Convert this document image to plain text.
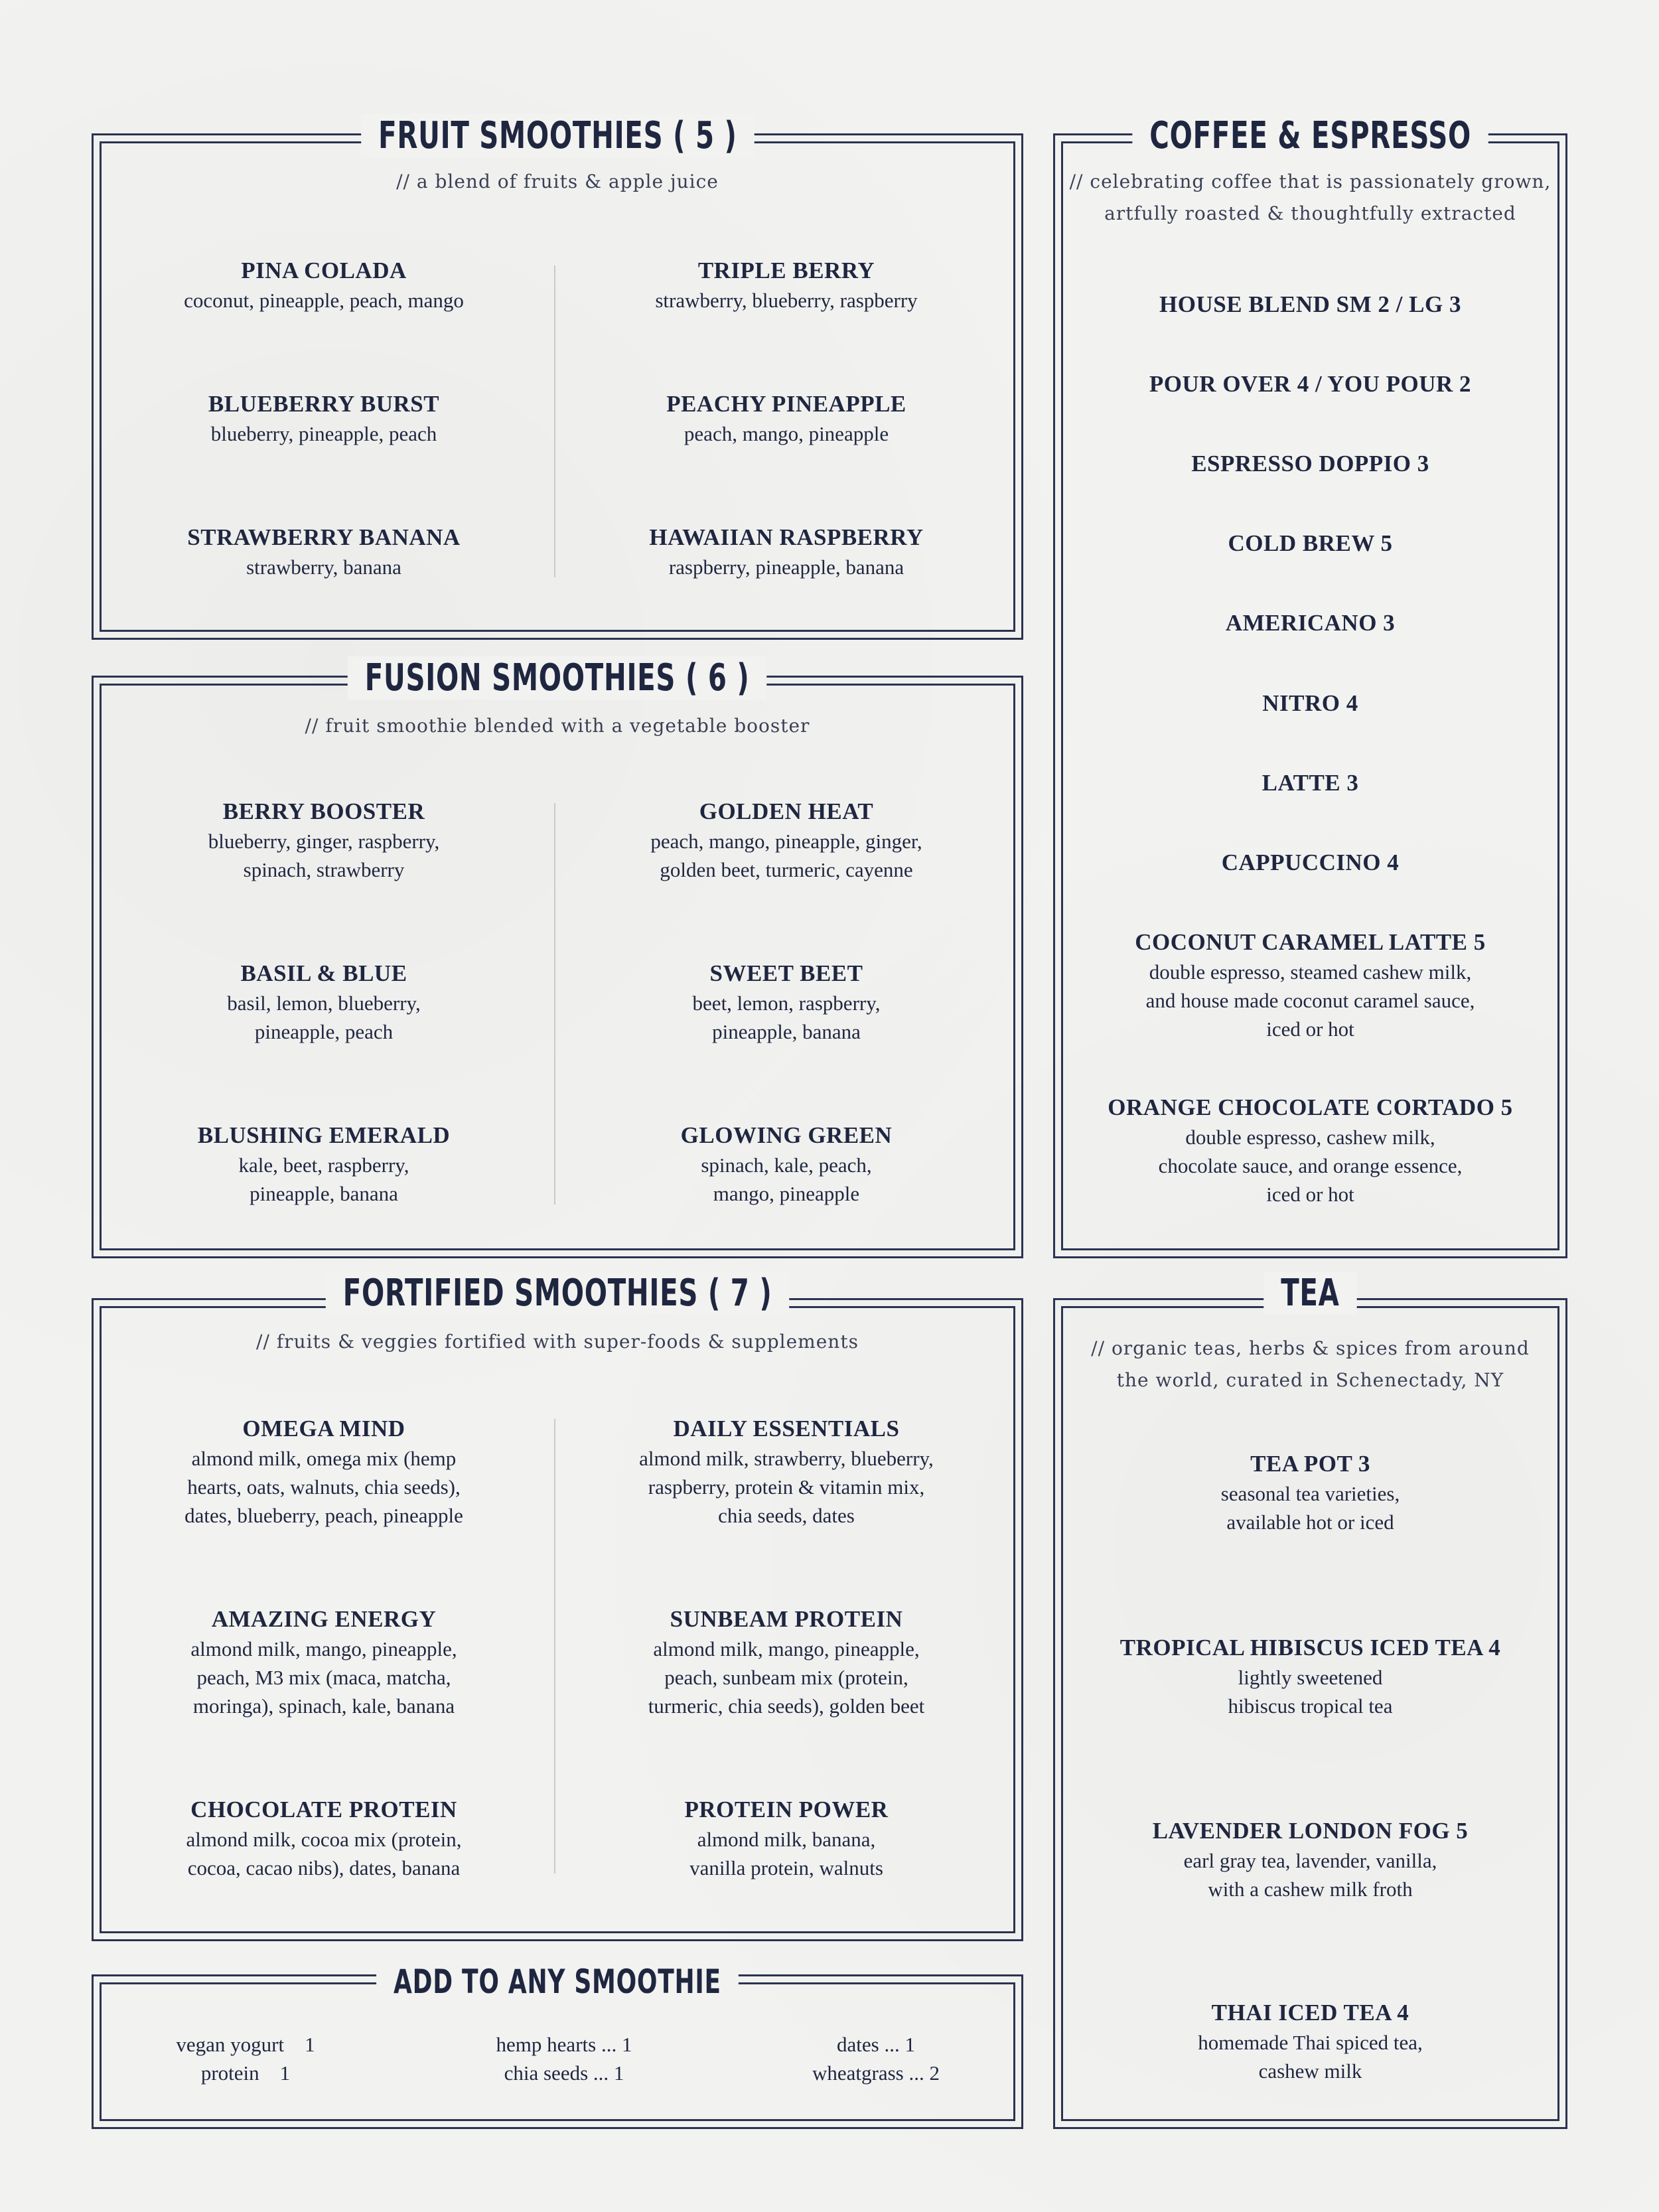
FRUIT SMOOTHIES ( 5 )
// a blend of fruits & apple juice
PINA COLADA
coconut, pineapple, peach, mango
TRIPLE BERRY
strawberry, blueberry, raspberry
BLUEBERRY BURST
blueberry, pineapple, peach
PEACHY PINEAPPLE
peach, mango, pineapple
STRAWBERRY BANANA
strawberry, banana
HAWAIIAN RASPBERRY
raspberry, pineapple, banana
FUSION SMOOTHIES ( 6 )
// fruit smoothie blended with a vegetable booster
BERRY BOOSTER
blueberry, ginger, raspberry,
spinach, strawberry
GOLDEN HEAT
peach, mango, pineapple, ginger,
golden beet, turmeric, cayenne
BASIL & BLUE
basil, lemon, blueberry,
pineapple, peach
SWEET BEET
beet, lemon, raspberry,
pineapple, banana
BLUSHING EMERALD
kale, beet, raspberry,
pineapple, banana
GLOWING GREEN
spinach, kale, peach,
mango, pineapple
FORTIFIED SMOOTHIES ( 7 )
// fruits & veggies fortified with super-foods & supplements
OMEGA MIND
almond milk, omega mix (hemp
hearts, oats, walnuts, chia seeds),
dates, blueberry, peach, pineapple
DAILY ESSENTIALS
almond milk, strawberry, blueberry,
raspberry, protein & vitamin mix,
chia seeds, dates
AMAZING ENERGY
almond milk, mango, pineapple,
peach, M3 mix (maca, matcha,
moringa), spinach, kale, banana
SUNBEAM PROTEIN
almond milk, mango, pineapple,
peach, sunbeam mix (protein,
turmeric, chia seeds), golden beet
CHOCOLATE PROTEIN
almond milk, cocoa mix (protein,
cocoa, cacao nibs), dates, banana
PROTEIN POWER
almond milk, banana,
vanilla protein, walnuts
ADD TO ANY SMOOTHIE
vegan yogurt    1
protein    1
hemp hearts ... 1
chia seeds ... 1
dates ... 1
wheatgrass ... 2
COFFEE & ESPRESSO
// celebrating coffee that is passionately grown,
artfully roasted & thoughtfully extracted
HOUSE BLEND SM 2 / LG 3
POUR OVER 4 / YOU POUR 2
ESPRESSO DOPPIO 3
COLD BREW 5
AMERICANO 3
NITRO 4
LATTE 3
CAPPUCCINO 4
COCONUT CARAMEL LATTE 5
double espresso, steamed cashew milk,
and house made coconut caramel sauce,
iced or hot
ORANGE CHOCOLATE CORTADO 5
double espresso, cashew milk,
chocolate sauce, and orange essence,
iced or hot
TEA
// organic teas, herbs & spices from around
the world, curated in Schenectady, NY
TEA POT 3
seasonal tea varieties,
available hot or iced
TROPICAL HIBISCUS ICED TEA 4
lightly sweetened
hibiscus tropical tea
LAVENDER LONDON FOG 5
earl gray tea, lavender, vanilla,
with a cashew milk froth
THAI ICED TEA 4
homemade Thai spiced tea,
cashew milk
